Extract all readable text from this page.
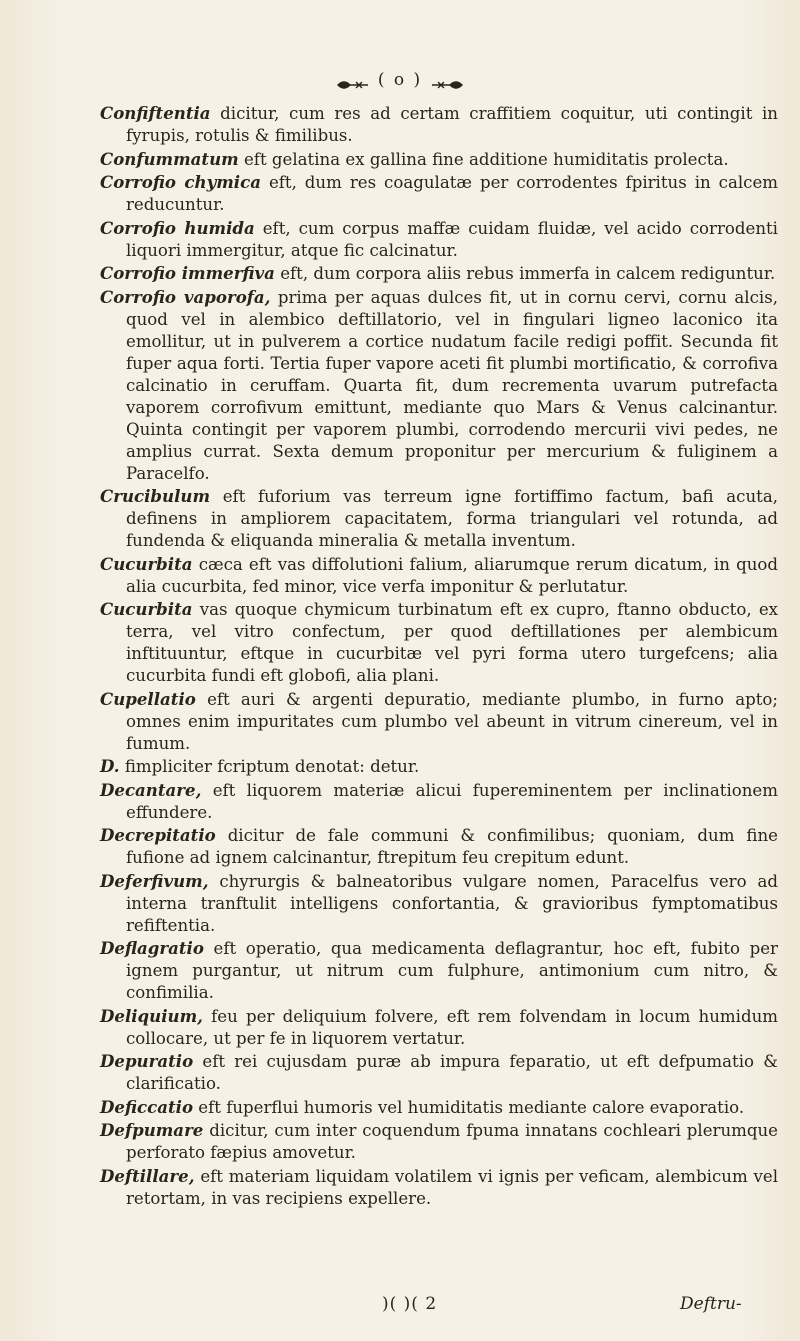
( o )

Confiftentia dicitur, cum res ad certam craffitiem coquitur, uti contingit in fyrupis, rotulis & fimilibus.

Confummatum eft gelatina ex gallina fine additione humiditatis prolecta.

Corrofio chymica eft, dum res coagulatæ per corrodentes fpiritus in calcem reducuntur.

Corrofio humida eft, cum corpus maffæ cuidam fluidæ, vel acido corrodenti liquori immergitur, atque fic calcinatur.

Corrofio immerfiva eft, dum corpora aliis rebus immerfa in calcem rediguntur.

Corrofio vaporofa, prima per aquas dulces fit, ut in cornu cervi, cornu alcis, quod vel in alembico deftillatorio, vel in fingulari ligneo laconico ita emollitur, ut in pulverem a cortice nudatum facile redigi poffit. Secunda fit fuper aqua forti. Tertia fuper vapore aceti fit plumbi mortificatio, & corrofiva calcinatio in ceruffam. Quarta fit, dum recrementa uvarum putrefacta vaporem corrofivum emittunt, mediante quo Mars & Venus calcinantur. Quinta contingit per vaporem plumbi, corrodendo mercurii vivi pedes, ne amplius currat. Sexta demum proponitur per mercurium & fuliginem a Paracelfo.

Crucibulum eft fuforium vas terreum igne fortiffimo factum, bafi acuta, definens in ampliorem capacitatem, forma triangulari vel rotunda, ad fundenda & eliquanda mineralia & metalla inventum.

Cucurbita cæca eft vas diffolutioni falium, aliarumque rerum dicatum, in quod alia cucurbita, fed minor, vice verfa imponitur & perlutatur.

Cucurbita vas quoque chymicum turbinatum eft ex cupro, ftanno obducto, ex terra, vel vitro confectum, per quod deftillationes per alembicum inftituuntur, eftque in cucurbitæ vel pyri forma utero turgefcens; alia cucurbita fundi eft globofi, alia plani.

Cupellatio eft auri & argenti depuratio, mediante plumbo, in furno apto; omnes enim impuritates cum plumbo vel abeunt in vitrum cinereum, vel in fumum.

D. fimpliciter fcriptum denotat: detur.

Decantare, eft liquorem materiæ alicui fupereminentem per inclinationem effundere.

Decrepitatio dicitur de fale communi & confimilibus; quoniam, dum fine fufione ad ignem calcinantur, ftrepitum feu crepitum edunt.

Deferfivum, chyrurgis & balneatoribus vulgare nomen, Paracelfus vero ad interna tranftulit intelligens confortantia, & gravioribus fymptomatibus refiftentia.

Deflagratio eft operatio, qua medicamenta deflagrantur, hoc eft, fubito per ignem purgantur, ut nitrum cum fulphure, antimonium cum nitro, & confimilia.

Deliquium, feu per deliquium folvere, eft rem folvendam in locum humidum collocare, ut per fe in liquorem vertatur.

Depuratio eft rei cujusdam puræ ab impura feparatio, ut eft defpumatio & clarificatio.

Deficcatio eft fuperflui humoris vel humiditatis mediante calore evaporatio.

Defpumare dicitur, cum inter coquendum fpuma innatans cochleari plerumque perforato fæpius amovetur.

Deftillare, eft materiam liquidam volatilem vi ignis per veficam, alembicum vel retortam, in vas recipiens expellere.

)( )( 2	Deftru-
